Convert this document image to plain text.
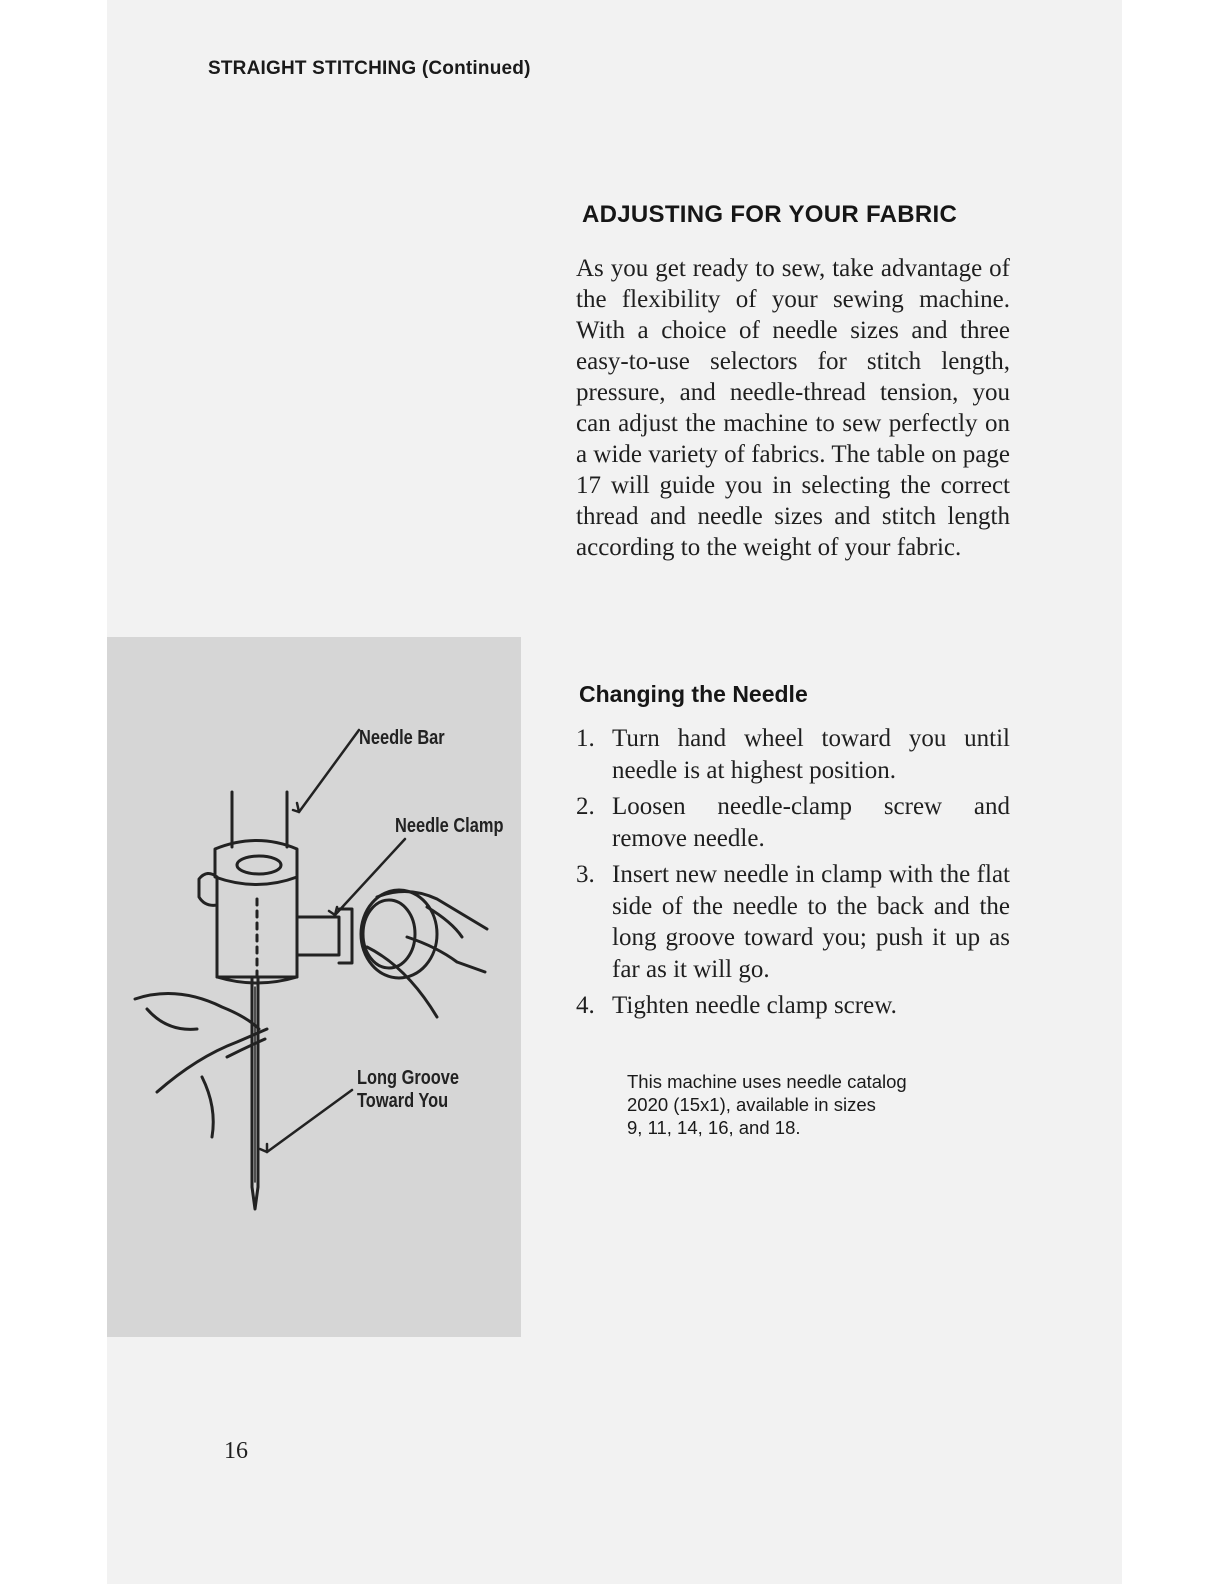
STRAIGHT STITCHING (Continued)
ADJUSTING FOR YOUR FABRIC

As you get ready to sew, take advantage of the flexibility of your sewing machine. With a choice of needle sizes and three easy-to-use selectors for stitch length, pressure, and needle-thread tension, you can adjust the machine to sew perfectly on a wide variety of fabrics. The table on page 17 will guide you in selecting the correct thread and needle sizes and stitch length according to the weight of your fabric.

Changing the Needle
1. Turn hand wheel toward you until needle is at highest position.
2. Loosen needle-clamp screw and remove needle.
3. Insert new needle in clamp with the flat side of the needle to the back and the long groove toward you; push it up as far as it will go.
4. Tighten needle clamp screw.
This machine uses needle catalog
2020 (15x1), available in sizes
9, 11, 14, 16, and 18.
Needle Bar
Needle Clamp
Long Groove
Toward You
16
